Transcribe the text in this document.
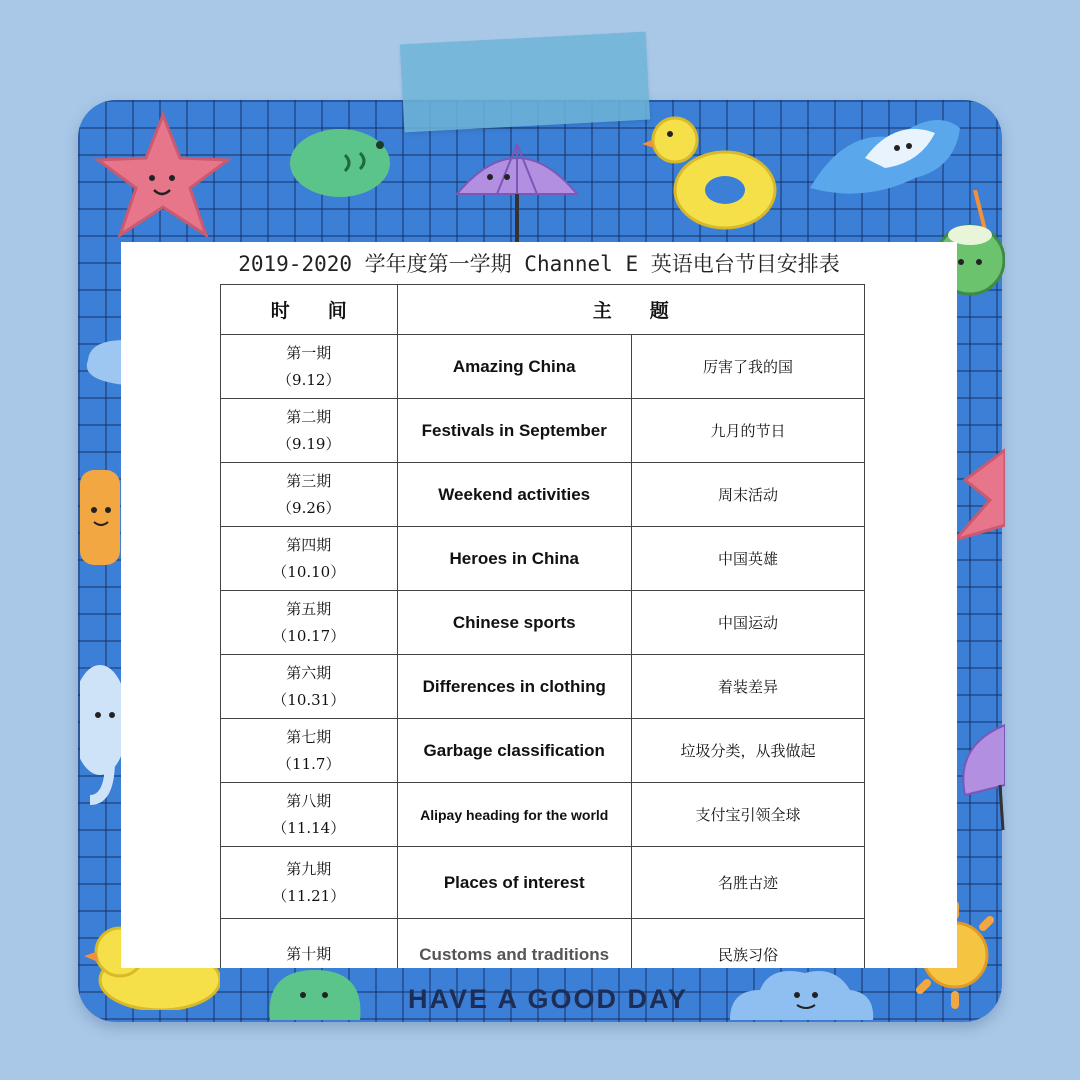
HAVE A GOOD DAY
2019-2020 学年度第一学期 Channel E 英语电台节目安排表
时　　间	主　　题	
第一期
（9.12）	Amazing China	厉害了我的国
第二期
（9.19）	Festivals in September	九月的节日
第三期
（9.26）	Weekend activities	周末活动
第四期
（10.10）	Heroes in China	中国英雄
第五期
（10.17）	Chinese sports	中国运动
第六期
（10.31）	Differences in clothing	着装差异
第七期
（11.7）	Garbage classification	垃圾分类，从我做起
第八期
（11.14）	Alipay heading for the world	支付宝引领全球
第九期
（11.21）	Places of interest	名胜古迹
第十期	Customs and traditions	民族习俗
